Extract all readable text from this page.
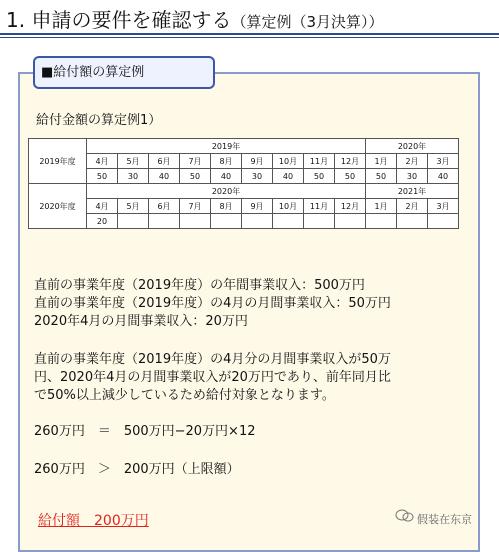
1. 申請の要件を確認する（算定例（3月決算））
■給付額の算定例
給付金額の算定例1）
2019年度	2019年									2020年		
	4月	5月	6月	7月	8月	9月	10月	11月	12月	1月	2月	3月
	50	30	40	50	40	30	40	50	50	50	30	40
2020年度	2020年									2021年		
	4月	5月	6月	7月	8月	9月	10月	11月	12月	1月	2月	3月
	20											
直前の事業年度（2019年度）の年間事業収入：500万円
直前の事業年度（2019年度）の4月の月間事業収入：50万円
2020年4月の月間事業収入：20万円
直前の事業年度（2019年度）の4月分の月間事業収入が50万
円、2020年4月の月間事業収入が20万円であり、前年同月比
で50%以上減少しているため給付対象となります。
260万円　＝　500万円−20万円×12
260万円　＞　200万円（上限額）
給付額　200万円	假装在东京
